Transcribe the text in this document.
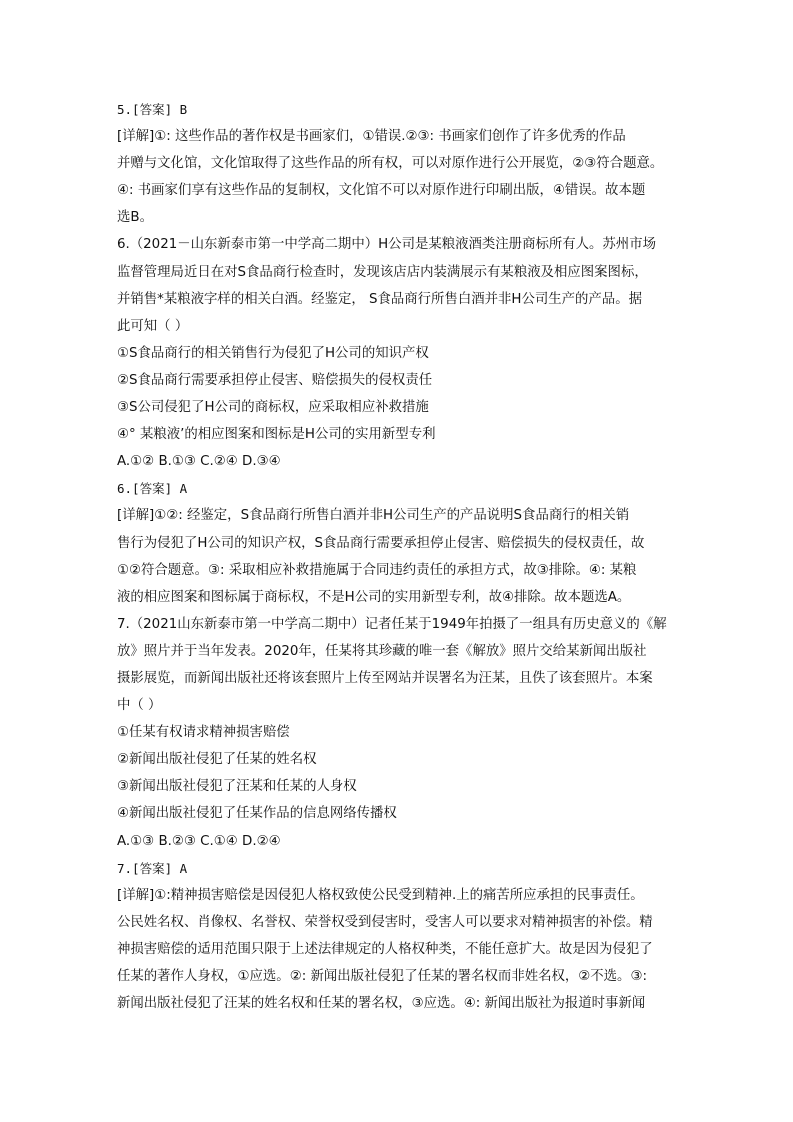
5.[答案] B
[详解]①: 这些作品的著作权是书画家们，①错误.②③: 书画家们创作了许多优秀的作品
并赠与文化馆，文化馆取得了这些作品的所有权，可以对原作进行公开展览，②③符合题意。
④: 书画家们享有这些作品的复制权，文化馆不可以对原作进行印刷出版，④错误。故本题
选B。
6.（2021－山东新泰市第一中学高二期中）H公司是某粮液酒类注册商标所有人。苏州市场
监督管理局近日在对S食品商行检查时，发现该店店内装满展示有某粮液及相应图案图标，
并销售*某粮液字样的相关白酒。经鉴定， S食品商行所售白酒并非H公司生产的产品。据
此可知（ ）
①S食品商行的相关销售行为侵犯了H公司的知识产权
②S食品商行需要承担停止侵害、赔偿损失的侵权责任
③S公司侵犯了H公司的商标权，应采取相应补救措施
④° 某粮液’的相应图案和图标是H公司的实用新型专利
A.①② B.①③ C.②④ D.③④
6.[答案] A
[详解]①②: 经鉴定，S食品商行所售白酒并非H公司生产的产品说明S食品商行的相关销
售行为侵犯了H公司的知识产权，S食品商行需要承担停止侵害、赔偿损失的侵权责任，故
①②符合题意。③: 采取相应补救措施属于合同违约责任的承担方式，故③排除。④: 某粮
液的相应图案和图标属于商标权，不是H公司的实用新型专利，故④排除。故本题选A。
7.（2021山东新泰市第一中学高二期中）记者任某于1949年拍摄了一组具有历史意义的《解
放》照片并于当年发表。2020年，任某将其珍藏的唯一套《解放》照片交给某新闻出版社
摄影展览，而新闻出版社还将该套照片上传至网站并误署名为汪某，且佚了该套照片。本案
中（ ）
①任某有权请求精神损害赔偿
②新闻出版社侵犯了任某的姓名权
③新闻出版社侵犯了汪某和任某的人身权
④新闻出版社侵犯了任某作品的信息网络传播权
A.①③ B.②③ C.①④ D.②④
7.[答案] A
[详解]①:精神损害赔偿是因侵犯人格权致使公民受到精神.上的痛苦所应承担的民事责任。
公民姓名权、肖像权、名誉权、荣誉权受到侵害时，受害人可以要求对精神损害的补偿。精
神损害赔偿的适用范围只限于上述法律规定的人格权种类，不能任意扩大。故是因为侵犯了
任某的著作人身权，①应选。②: 新闻出版社侵犯了任某的署名权而非姓名权，②不选。③:
新闻出版社侵犯了汪某的姓名权和任某的署名权，③应选。④: 新闻出版社为报道时事新闻
